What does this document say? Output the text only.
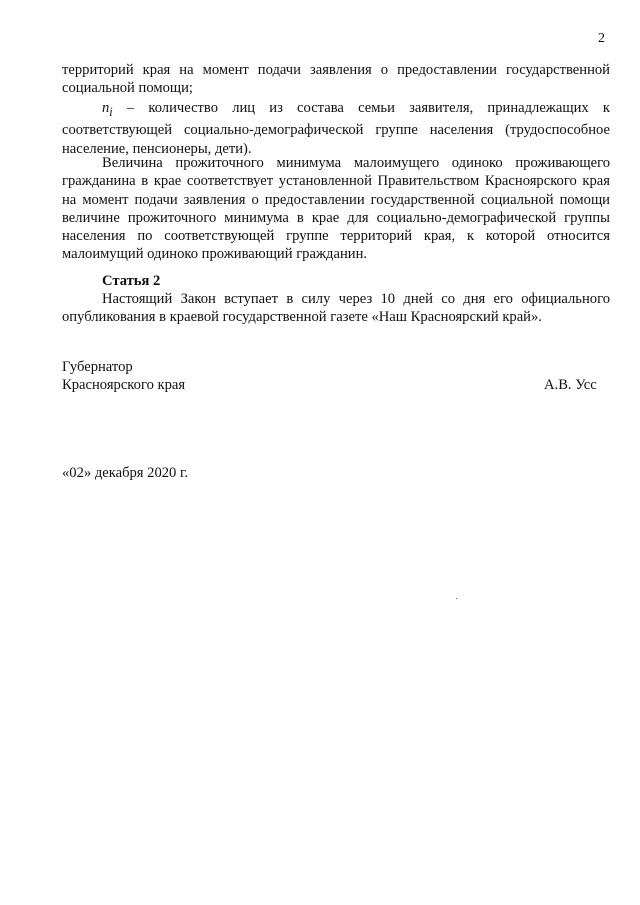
2
территорий края на момент подачи заявления о предоставлении государственной социальной помощи;
$n_i$ – количество лиц из состава семьи заявителя, принадлежащих к соответствующей социально-демографической группе населения (трудоспособное население, пенсионеры, дети).
Величина прожиточного минимума малоимущего одиноко проживающего гражданина в крае соответствует установленной Правительством Красноярского края на момент подачи заявления о предоставлении государственной социальной помощи величине прожиточного минимума в крае для социально-демографической группы населения по соответствующей группе территорий края, к которой относится малоимущий одиноко проживающий гражданин.
Статья 2
Настоящий Закон вступает в силу через 10 дней со дня его официального опубликования в краевой государственной газете «Наш Красноярский край».
Губернатор
Красноярского края	А.В. Усс
«02» декабря 2020 г.
